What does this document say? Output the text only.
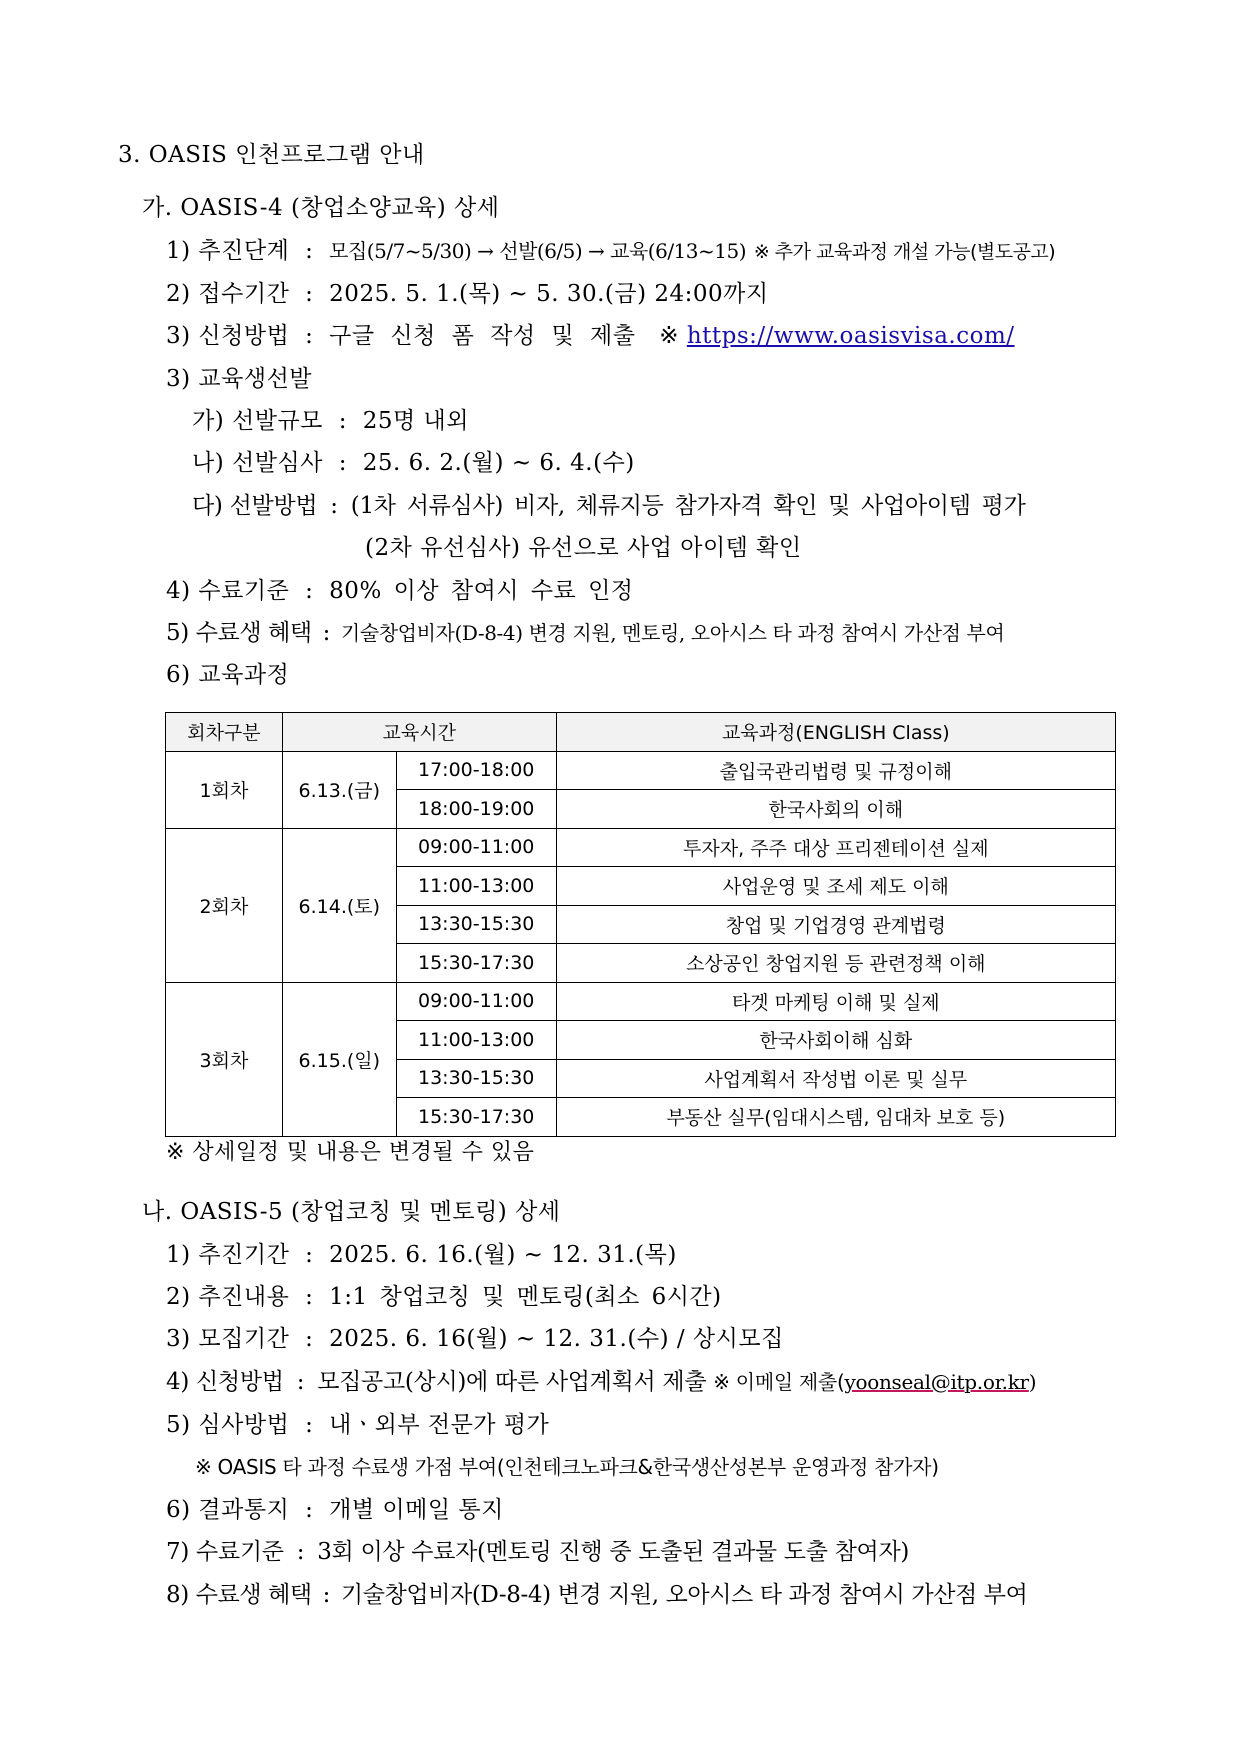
3. OASIS 인천프로그램 안내
가. OASIS-4 (창업소양교육) 상세
1) 추진단계 : 모집(5/7~5/30) → 선발(6/5) → 교육(6/13~15) ※ 추가 교육과정 개설 가능(별도공고)
2) 접수기간 : 2025. 5. 1.(목) ~ 5. 30.(금) 24:00까지
3) 신청방법 : 구글 신청 폼 작성 및 제출 ※ https://www.oasisvisa.com/
3) 교육생선발
가) 선발규모 : 25명 내외
나) 선발심사 : 25. 6. 2.(월) ~ 6. 4.(수)
다) 선발방법 : (1차 서류심사) 비자, 체류지등 참가자격 확인 및 사업아이템 평가
(2차 유선심사) 유선으로 사업 아이템 확인
4) 수료기준 : 80% 이상 참여시 수료 인정
5) 수료생 혜택 : 기술창업비자(D-8-4) 변경 지원, 멘토링, 오아시스 타 과정 참여시 가산점 부여
6) 교육과정
회차구분	교육시간		교육과정(ENGLISH Class)
1회차	6.13.(금)	17:00-18:00	출입국관리법령 및 규정이해
		18:00-19:00	한국사회의 이해
2회차	6.14.(토)	09:00-11:00	투자자, 주주 대상 프리젠테이션 실제
		11:00-13:00	사업운영 및 조세 제도 이해
		13:30-15:30	창업 및 기업경영 관계법령
		15:30-17:30	소상공인 창업지원 등 관련정책 이해
3회차	6.15.(일)	09:00-11:00	타겟 마케팅 이해 및 실제
		11:00-13:00	한국사회이해 심화
		13:30-15:30	사업계획서 작성법 이론 및 실무
		15:30-17:30	부동산 실무(임대시스템, 임대차 보호 등)
※ 상세일정 및 내용은 변경될 수 있음
나. OASIS-5 (창업코칭 및 멘토링) 상세
1) 추진기간 : 2025. 6. 16.(월) ~ 12. 31.(목)
2) 추진내용 : 1:1 창업코칭 및 멘토링(최소 6시간)
3) 모집기간 : 2025. 6. 16(월) ~ 12. 31.(수) / 상시모집
4) 신청방법 : 모집공고(상시)에 따른 사업계획서 제출 ※ 이메일 제출(yoonseal@itp.or.kr)
5) 심사방법 : 내ㆍ외부 전문가 평가
※ OASIS 타 과정 수료생 가점 부여(인천테크노파크&한국생산성본부 운영과정 참가자)
6) 결과통지 : 개별 이메일 통지
7) 수료기준 : 3회 이상 수료자(멘토링 진행 중 도출된 결과물 도출 참여자)
8) 수료생 혜택 : 기술창업비자(D-8-4) 변경 지원, 오아시스 타 과정 참여시 가산점 부여
